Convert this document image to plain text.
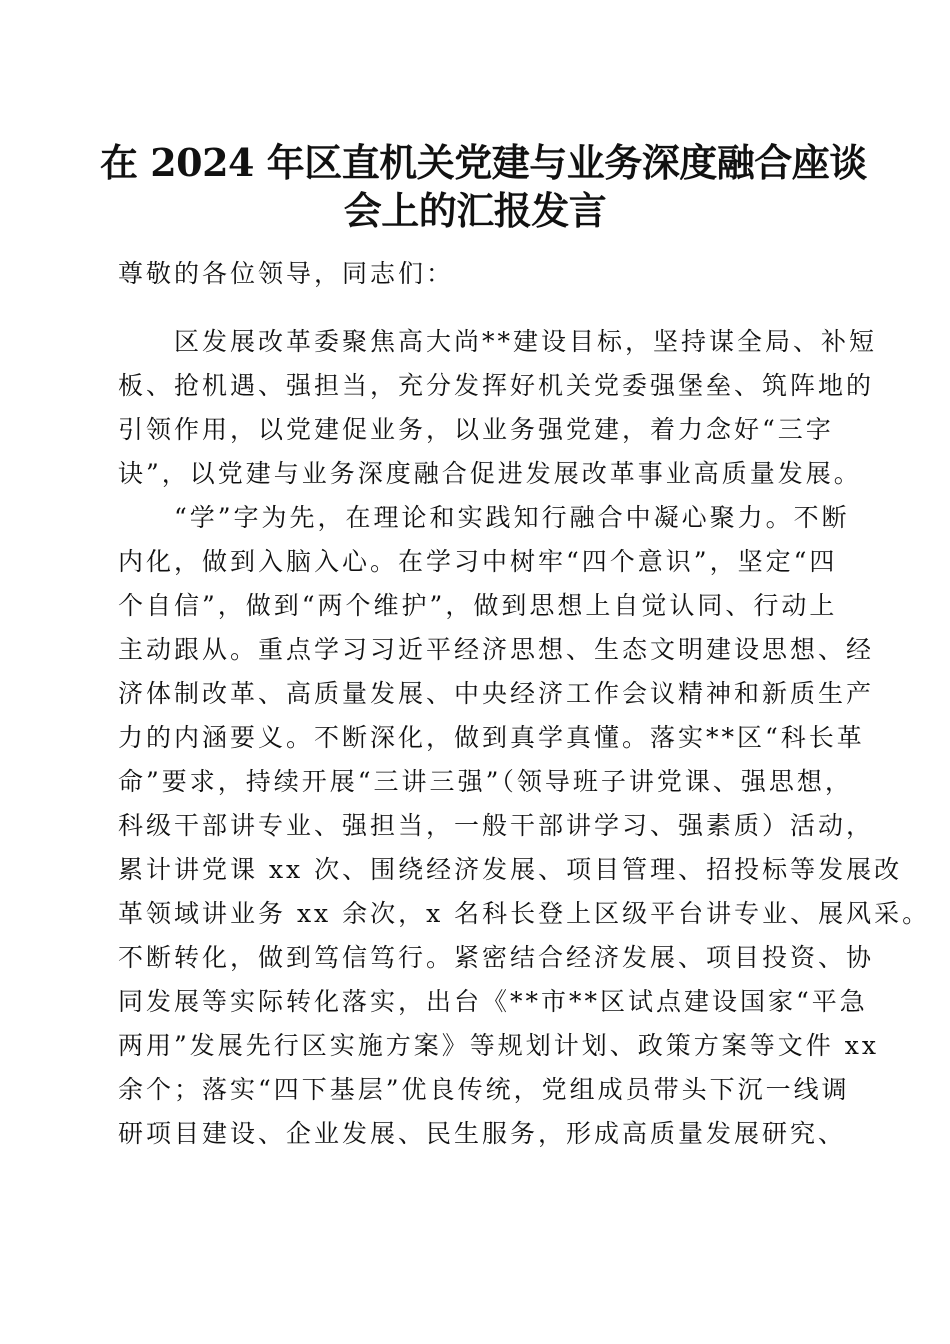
在 2024 年区直机关党建与业务深度融合座谈
会上的汇报发言

尊敬的各位领导，同志们：

　　区发展改革委聚焦高大尚**建设目标，坚持谋全局、补短

板、抢机遇、强担当，充分发挥好机关党委强堡垒、筑阵地的

引领作用，以党建促业务，以业务强党建，着力念好“三字

诀”，以党建与业务深度融合促进发展改革事业高质量发展。

　　“学”字为先，在理论和实践知行融合中凝心聚力。不断

内化，做到入脑入心。在学习中树牢“四个意识”，坚定“四

个自信”，做到“两个维护”，做到思想上自觉认同、行动上

主动跟从。重点学习习近平经济思想、生态文明建设思想、经

济体制改革、高质量发展、中央经济工作会议精神和新质生产

力的内涵要义。不断深化，做到真学真懂。落实**区“科长革

命”要求，持续开展“三讲三强”（领导班子讲党课、强思想，

科级干部讲专业、强担当，一般干部讲学习、强素质）活动，

累计讲党课 xx 次、围绕经济发展、项目管理、招投标等发展改

革领域讲业务 xx 余次，x 名科长登上区级平台讲专业、展风采。

不断转化，做到笃信笃行。紧密结合经济发展、项目投资、协

同发展等实际转化落实，出台《**市**区试点建设国家“平急

两用”发展先行区实施方案》等规划计划、政策方案等文件 xx

余个；落实“四下基层”优良传统，党组成员带头下沉一线调

研项目建设、企业发展、民生服务，形成高质量发展研究、
